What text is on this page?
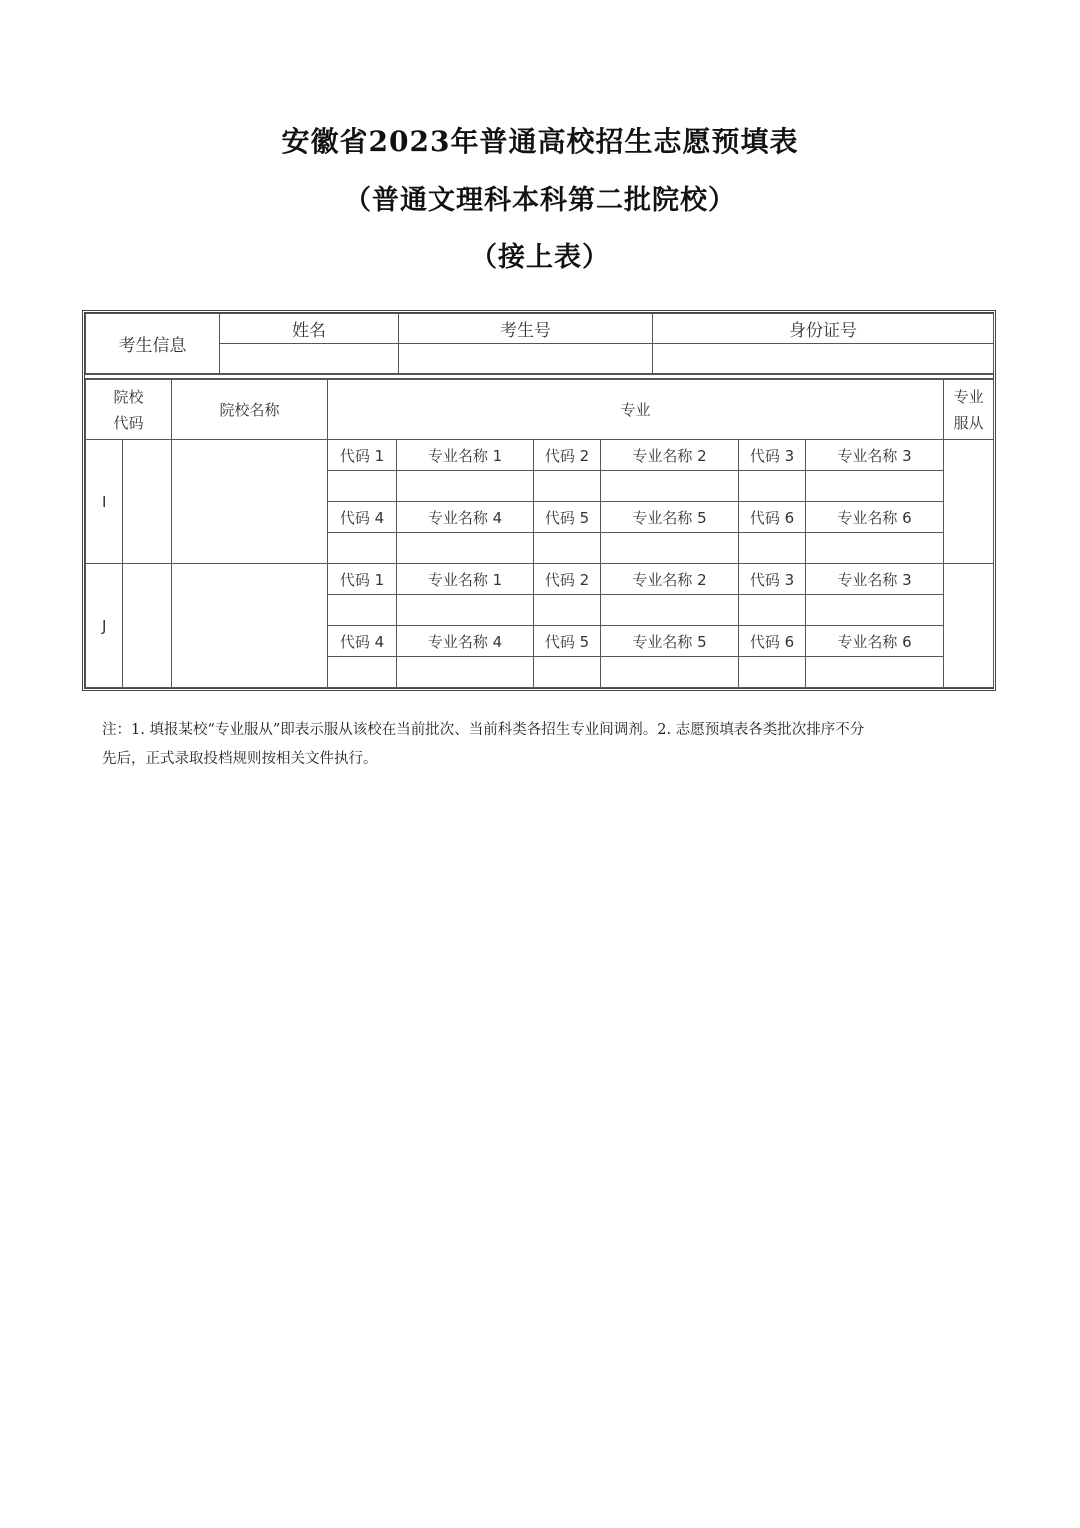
安徽省2023年普通高校招生志愿预填表
（普通文理科本科第二批院校）
（接上表）
考生信息	姓名	考生号	身份证号

院校代码		院校名称	专业						专业服从
I			代码 1	专业名称 1	代码 2	专业名称 2	代码 3	专业名称 3	

			代码 4	专业名称 4	代码 5	专业名称 5	代码 6	专业名称 6	

J			代码 1	专业名称 1	代码 2	专业名称 2	代码 3	专业名称 3	

			代码 4	专业名称 4	代码 5	专业名称 5	代码 6	专业名称 6	

注：1. 填报某校“专业服从”即表示服从该校在当前批次、当前科类各招生专业间调剂。2. 志愿预填表各类批次排序不分
先后，正式录取投档规则按相关文件执行。
